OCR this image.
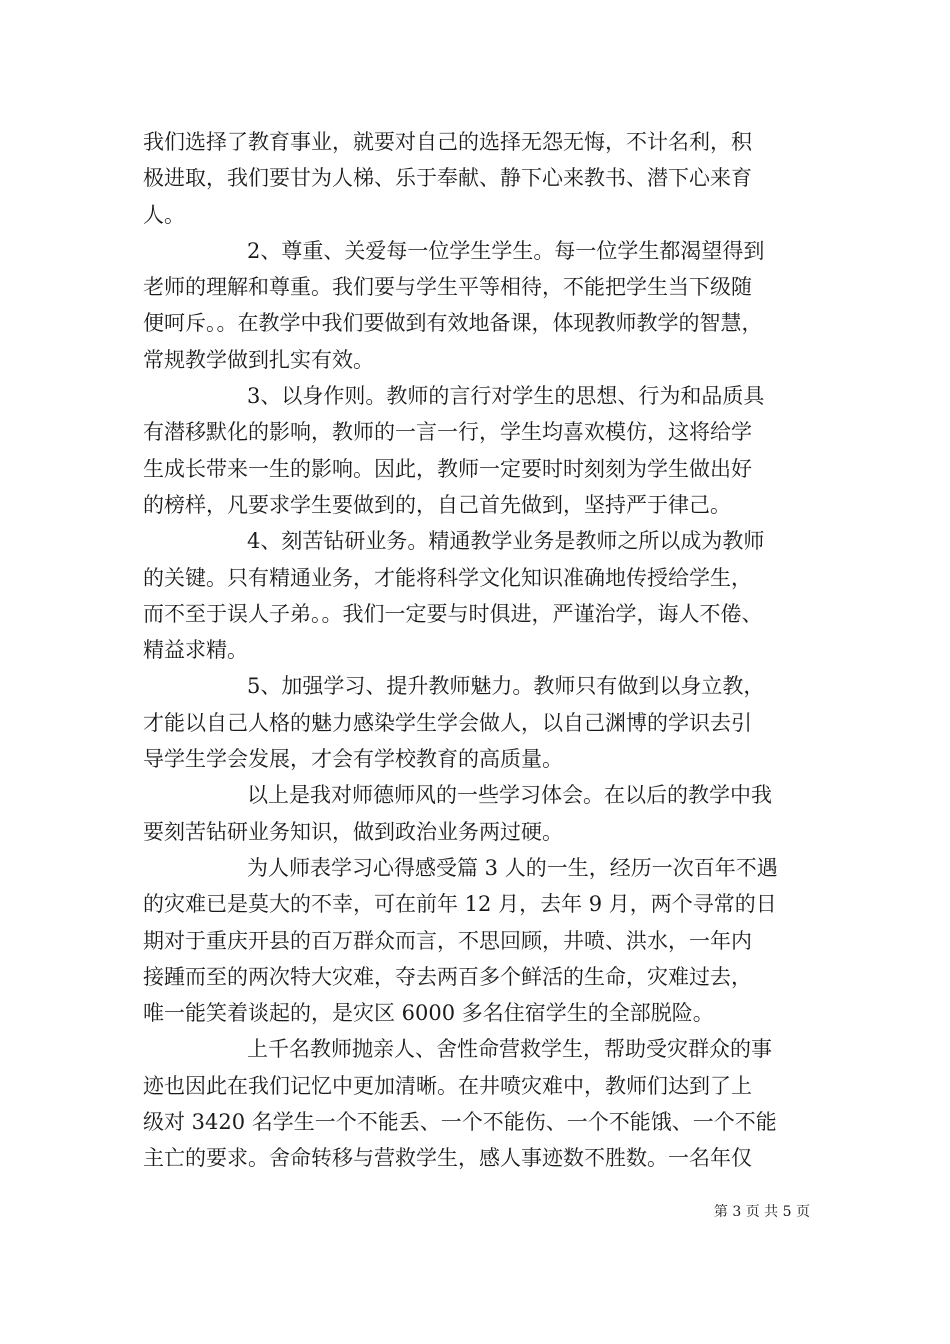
我们选择了教育事业，就要对自己的选择无怨无悔，不计名利，积
极进取，我们要甘为人梯、乐于奉献、静下心来教书、潜下心来育
人。
2、尊重、关爱每一位学生学生。每一位学生都渴望得到
老师的理解和尊重。我们要与学生平等相待，不能把学生当下级随
便呵斥。。在教学中我们要做到有效地备课，体现教师教学的智慧，
常规教学做到扎实有效。
3、以身作则。教师的言行对学生的思想、行为和品质具
有潜移默化的影响，教师的一言一行，学生均喜欢模仿，这将给学
生成长带来一生的影响。因此，教师一定要时时刻刻为学生做出好
的榜样，凡要求学生要做到的，自己首先做到，坚持严于律己。
4、刻苦钻研业务。精通教学业务是教师之所以成为教师
的关键。只有精通业务，才能将科学文化知识准确地传授给学生，
而不至于误人子弟。。我们一定要与时俱进，严谨治学，诲人不倦、
精益求精。
5、加强学习、提升教师魅力。教师只有做到以身立教，
才能以自己人格的魅力感染学生学会做人，以自己渊博的学识去引
导学生学会发展，才会有学校教育的高质量。
以上是我对师德师风的一些学习体会。在以后的教学中我
要刻苦钻研业务知识，做到政治业务两过硬。
为人师表学习心得感受篇 3 人的一生，经历一次百年不遇
的灾难已是莫大的不幸，可在前年 12 月，去年 9 月，两个寻常的日
期对于重庆开县的百万群众而言，不思回顾，井喷、洪水，一年内
接踵而至的两次特大灾难，夺去两百多个鲜活的生命，灾难过去，
唯一能笑着谈起的，是灾区 6000 多名住宿学生的全部脱险。
上千名教师抛亲人、舍性命营救学生，帮助受灾群众的事
迹也因此在我们记忆中更加清晰。在井喷灾难中，教师们达到了上
级对 3420 名学生一个不能丢、一个不能伤、一个不能饿、一个不能
主亡的要求。舍命转移与营救学生，感人事迹数不胜数。一名年仅
第 3 页 共 5 页
